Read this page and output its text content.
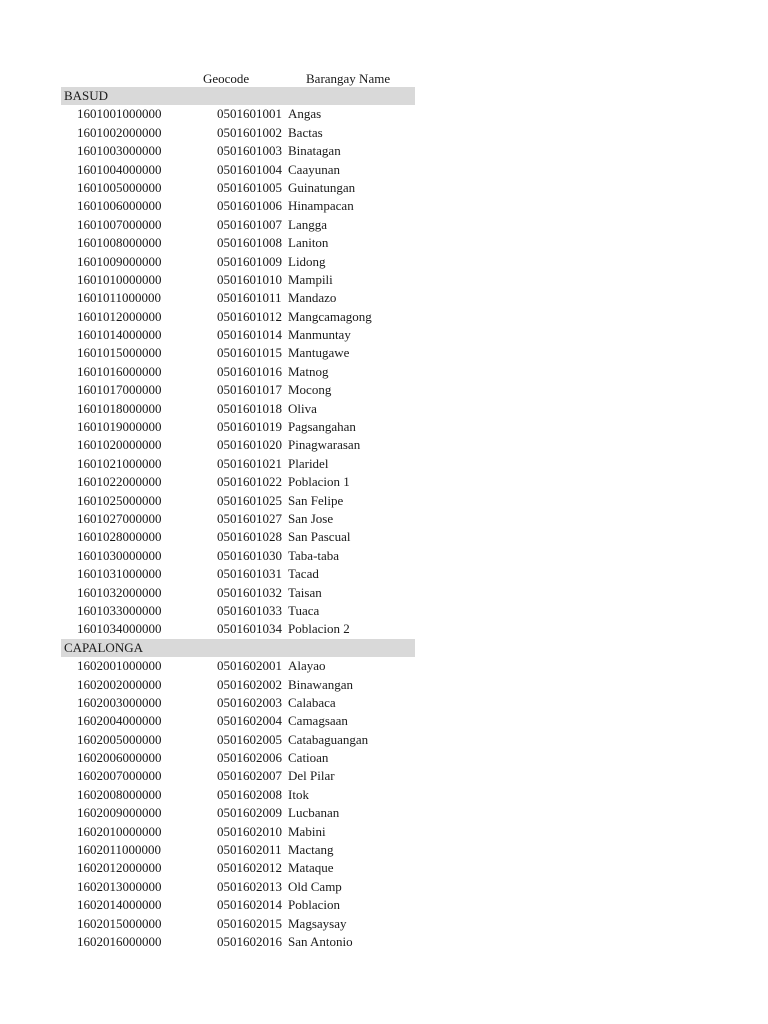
Geocode	Barangay Name
BASUD
1601001000000	0501601001 Angas
1601002000000	0501601002 Bactas
1601003000000	0501601003 Binatagan
1601004000000	0501601004 Caayunan
1601005000000	0501601005 Guinatungan
1601006000000	0501601006 Hinampacan
1601007000000	0501601007 Langga
1601008000000	0501601008 Laniton
1601009000000	0501601009 Lidong
1601010000000	0501601010 Mampili
1601011000000	0501601011 Mandazo
1601012000000	0501601012 Mangcamagong
1601014000000	0501601014 Manmuntay
1601015000000	0501601015 Mantugawe
1601016000000	0501601016 Matnog
1601017000000	0501601017 Mocong
1601018000000	0501601018 Oliva
1601019000000	0501601019 Pagsangahan
1601020000000	0501601020 Pinagwarasan
1601021000000	0501601021 Plaridel
1601022000000	0501601022 Poblacion 1
1601025000000	0501601025 San Felipe
1601027000000	0501601027 San Jose
1601028000000	0501601028 San Pascual
1601030000000	0501601030 Taba-taba
1601031000000	0501601031 Tacad
1601032000000	0501601032 Taisan
1601033000000	0501601033 Tuaca
1601034000000	0501601034 Poblacion 2
CAPALONGA
1602001000000	0501602001 Alayao
1602002000000	0501602002 Binawangan
1602003000000	0501602003 Calabaca
1602004000000	0501602004 Camagsaan
1602005000000	0501602005 Catabaguangan
1602006000000	0501602006 Catioan
1602007000000	0501602007 Del Pilar
1602008000000	0501602008 Itok
1602009000000	0501602009 Lucbanan
1602010000000	0501602010 Mabini
1602011000000	0501602011 Mactang
1602012000000	0501602012 Mataque
1602013000000	0501602013 Old Camp
1602014000000	0501602014 Poblacion
1602015000000	0501602015 Magsaysay
1602016000000	0501602016 San Antonio
